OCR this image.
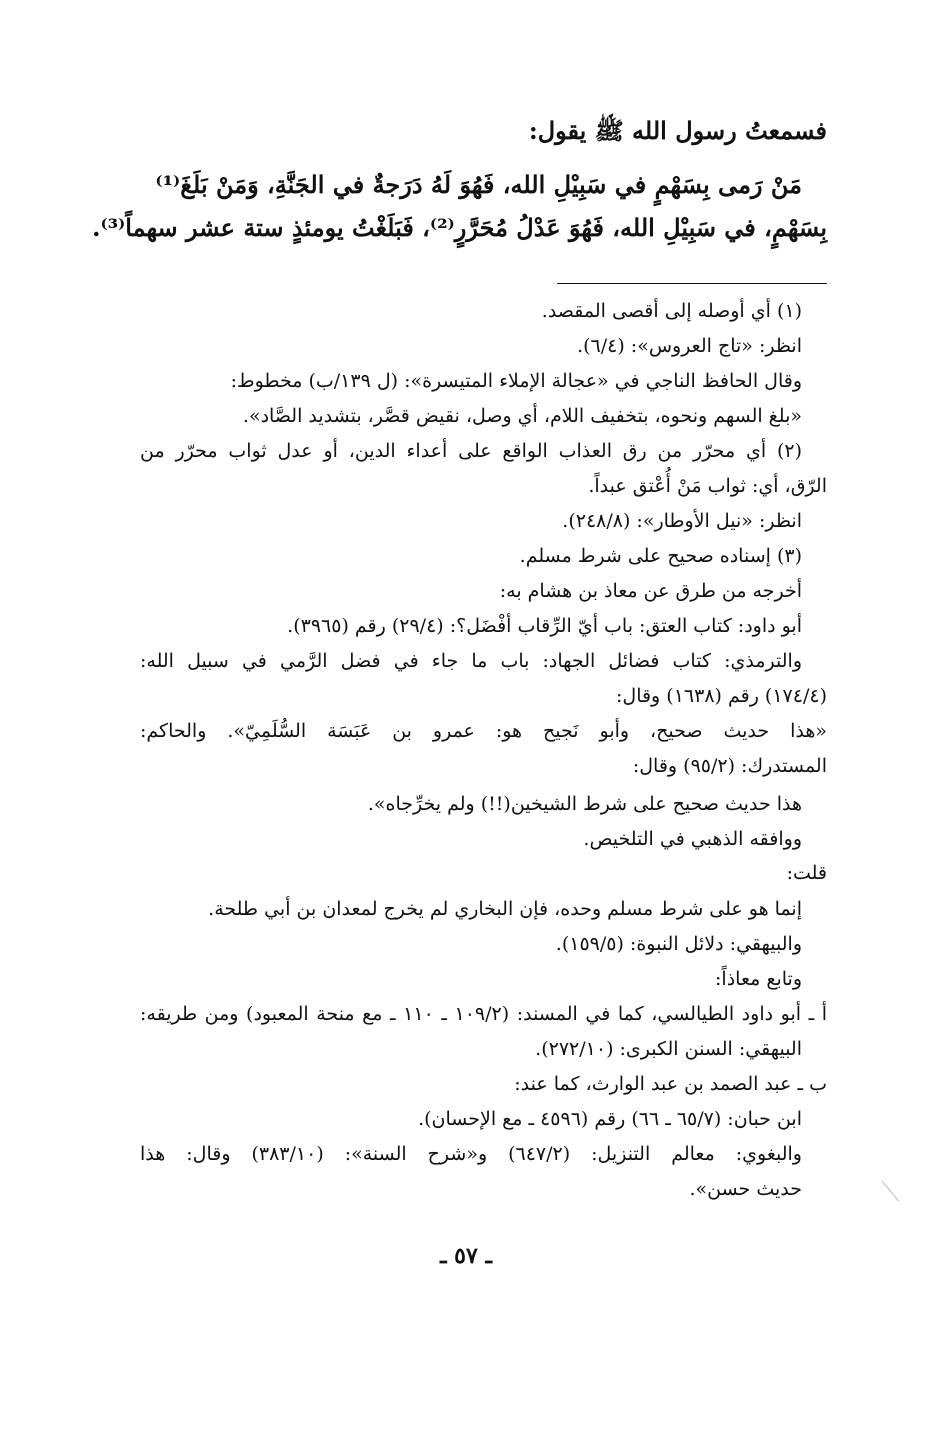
فسمعتُ رسول الله ﷺ يقول:
مَنْ رَمى بِسَهْمٍ في سَبِيْلِ الله، فَهُوَ لَهُ دَرَجةٌ في الجَنَّةِ، وَمَنْ بَلَغَ⁽¹⁾
بِسَهْمٍ، في سَبِيْلِ الله، فَهُوَ عَدْلُ مُحَرَّرٍ⁽²⁾، فَبَلَغْتُ يومئذٍ ستة عشر سهماً⁽³⁾.
(١) أي أوصله إلى أقصى المقصد.
انظر: «تاج العروس»: (٦/٤).
وقال الحافظ الناجي في «عجالة الإملاء المتيسرة»: (ل ١٣٩/ب) مخطوط:
«بلغ السهم ونحوه، بتخفيف اللام، أي وصل، نقيض قصَّر، بتشديد الصَّاد».
(٢) أي محرّر من رق العذاب الواقع على أعداء الدين، أو عدل ثواب محرّر من
الرّق، أي: ثواب مَنْ أُعْتق عبداً.
انظر: «نيل الأوطار»: (٢٤٨/٨).
(٣) إسناده صحيح على شرط مسلم.
أخرجه من طرق عن معاذ بن هشام به:
أبو داود: كتاب العتق: باب أيّ الرِّقاب أفْضَل؟: (٢٩/٤) رقم (٣٩٦٥).
والترمذي: كتاب فضائل الجهاد: باب ما جاء في فضل الرَّمي في سبيل الله:
(١٧٤/٤) رقم (١٦٣٨) وقال:
«هذا حديث صحيح، وأبو نَجيح هو: عمرو بن عَبَسَة السُّلَمِيّ». والحاكم:
المستدرك: (٩٥/٢) وقال:
هذا حديث صحيح على شرط الشيخين(!!) ولم يخرِّجاه».
ووافقه الذهبي في التلخيص.
قلت:
إنما هو على شرط مسلم وحده، فإن البخاري لم يخرج لمعدان بن أبي طلحة.
والبيهقي: دلائل النبوة: (١٥٩/٥).
وتابع معاذاً:
أ ـ أبو داود الطيالسي، كما في المسند: (١٠٩/٢ ـ ١١٠ ـ مع منحة المعبود) ومن طريقه:
البيهقي: السنن الكبرى: (٢٧٢/١٠).
ب ـ عبد الصمد بن عبد الوارث، كما عند:
ابن حبان: (٦٥/٧ ـ ٦٦) رقم (٤٥٩٦ ـ مع الإحسان).
والبغوي: معالم التنزيل: (٦٤٧/٢) و«شرح السنة»: (٣٨٣/١٠) وقال: هذا
حديث حسن».
ـ ٥٧ ـ
